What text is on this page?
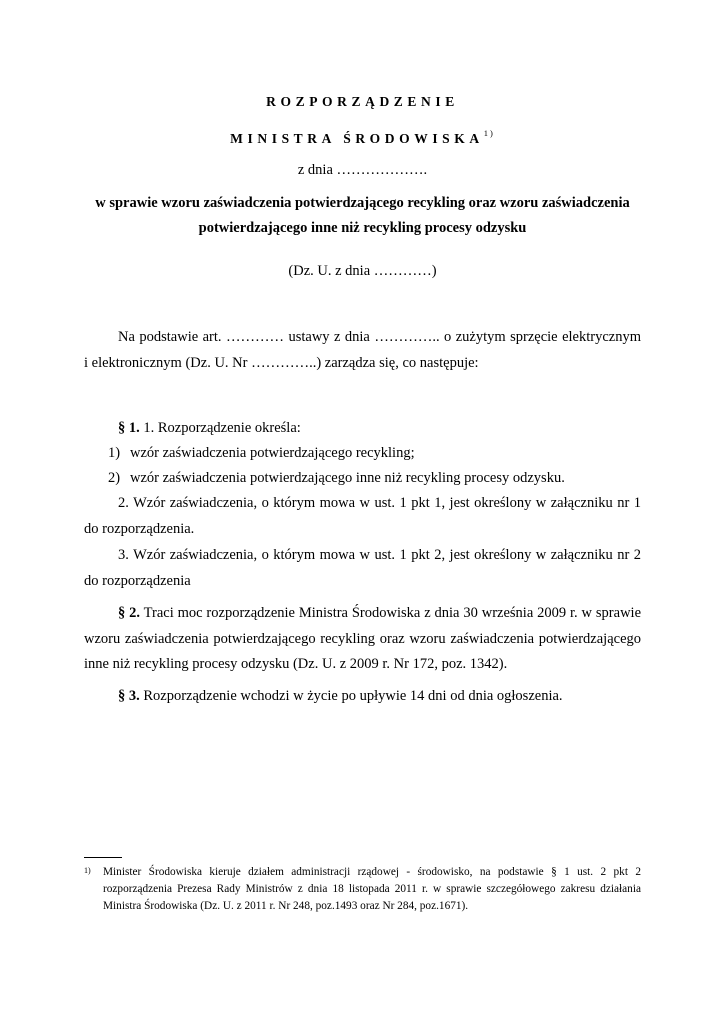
ROZPORZĄDZENIE
MINISTRA ŚRODOWISKA$^{1)}$
z dnia ……………….
w sprawie wzoru zaświadczenia potwierdzającego recykling oraz wzoru zaświadczenia potwierdzającego inne niż recykling procesy odzysku
(Dz. U. z dnia …………)
Na podstawie art. ………… ustawy z dnia ………….. o zużytym sprzęcie elektrycznym
i elektronicznym (Dz. U. Nr …………..) zarządza się, co następuje:
§ 1. 1. Rozporządzenie określa:
1) wzór zaświadczenia potwierdzającego recykling;
2) wzór zaświadczenia potwierdzającego inne niż recykling procesy odzysku.
2. Wzór zaświadczenia, o którym mowa w ust. 1 pkt 1, jest określony w załączniku nr 1 do rozporządzenia.
3. Wzór zaświadczenia, o którym mowa w ust. 1 pkt 2, jest określony w załączniku nr 2 do rozporządzenia
§ 2. Traci moc rozporządzenie Ministra Środowiska z dnia 30 września 2009 r. w sprawie wzoru zaświadczenia potwierdzającego recykling oraz wzoru zaświadczenia potwierdzającego inne niż recykling procesy odzysku (Dz. U. z 2009 r. Nr 172, poz. 1342).
§ 3. Rozporządzenie wchodzi w życie po upływie 14 dni od dnia ogłoszenia.
1) Minister Środowiska kieruje działem administracji rządowej - środowisko, na podstawie § 1 ust. 2 pkt 2 rozporządzenia Prezesa Rady Ministrów z dnia 18 listopada 2011 r. w sprawie szczegółowego zakresu działania Ministra Środowiska (Dz. U. z 2011 r. Nr 248, poz.1493 oraz Nr 284, poz.1671).
